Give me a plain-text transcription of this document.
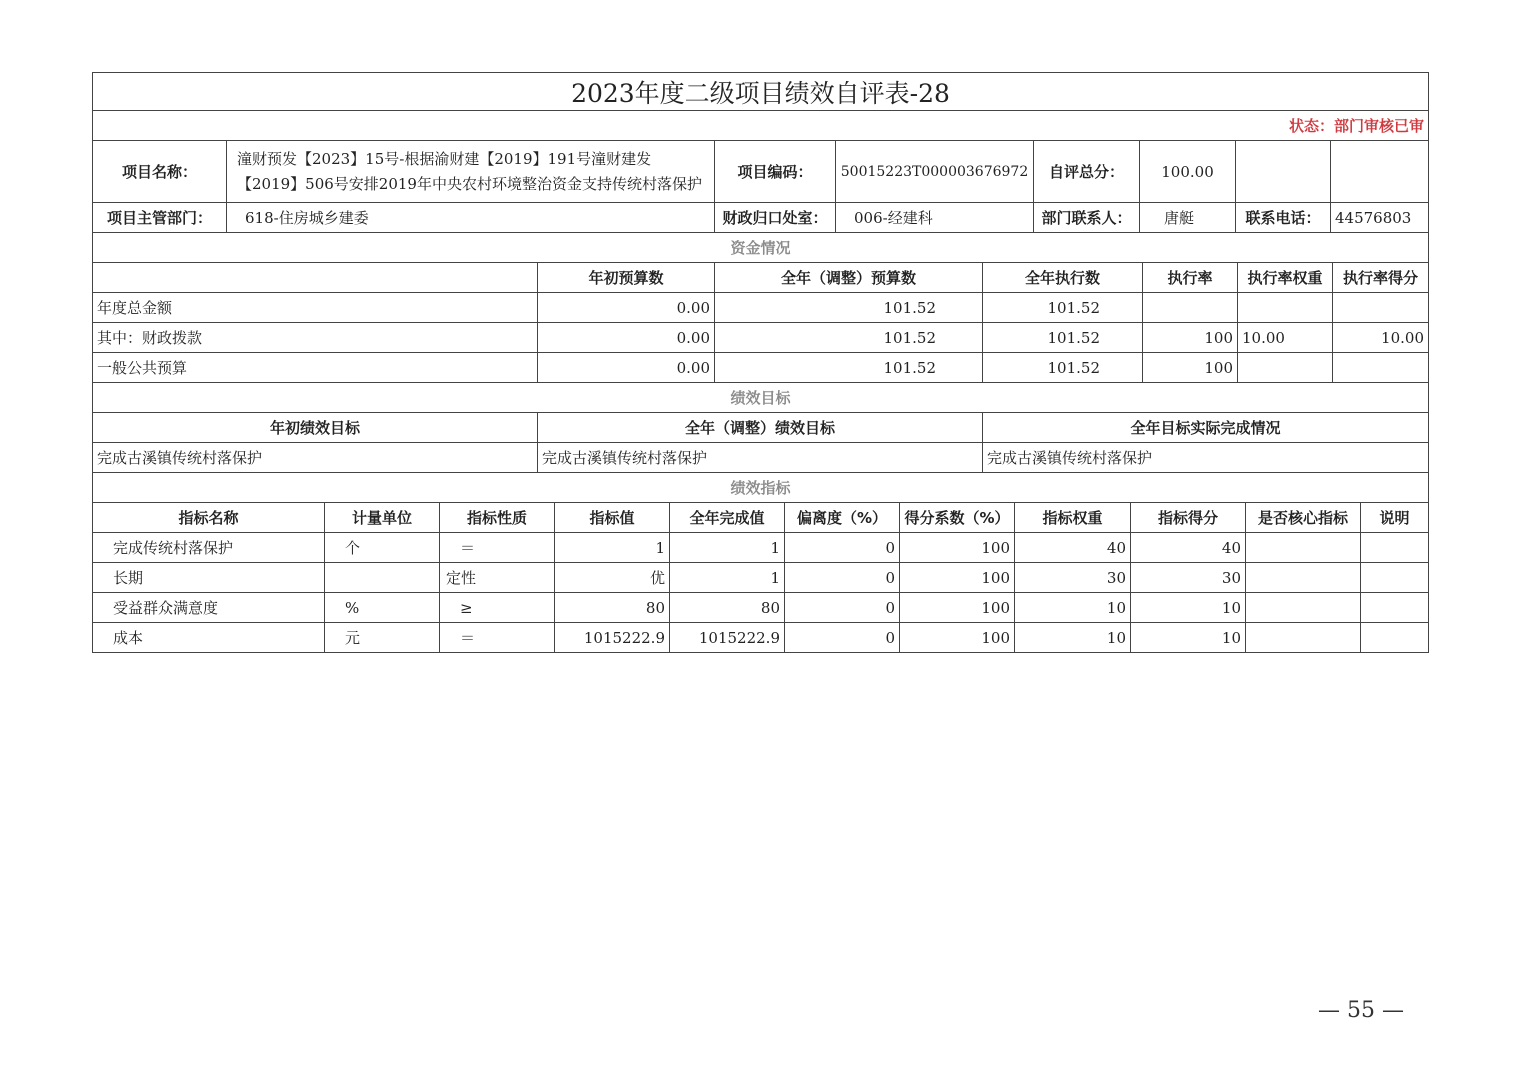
2023年度二级项目绩效自评表-28							
状态：部门审核已审							
项目名称：	潼财预发【2023】15号-根据渝财建【2019】191号潼财建发【2019】506号安排2019年中央农村环境整治资金支持传统村落保护	项目编码：	50015223T000003676972	自评总分：	100.00		
项目主管部门：	618-住房城乡建委	财政归口处室：	006-经建科	部门联系人：	唐艇	联系电话：	44576803
资金情况						
	年初预算数	全年（调整）预算数	全年执行数	执行率	执行率权重	执行率得分
年度总金额	0.00	101.52	101.52			
其中：财政拨款	0.00	101.52	101.52	100	10.00	10.00
一般公共预算	0.00	101.52	101.52	100		
绩效目标		
年初绩效目标	全年（调整）绩效目标	全年目标实际完成情况
完成古溪镇传统村落保护	完成古溪镇传统村落保护	完成古溪镇传统村落保护
绩效指标										
指标名称	计量单位	指标性质	指标值	全年完成值	偏离度（%）	得分系数（%）	指标权重	指标得分	是否核心指标	说明
完成传统村落保护	个	＝	1	1	0	100	40	40		
长期		定性	优	1	0	100	30	30		
受益群众满意度	%	≥	80	80	0	100	10	10		
成本	元	＝	1015222.9	1015222.9	0	100	10	10		
— 55 —
